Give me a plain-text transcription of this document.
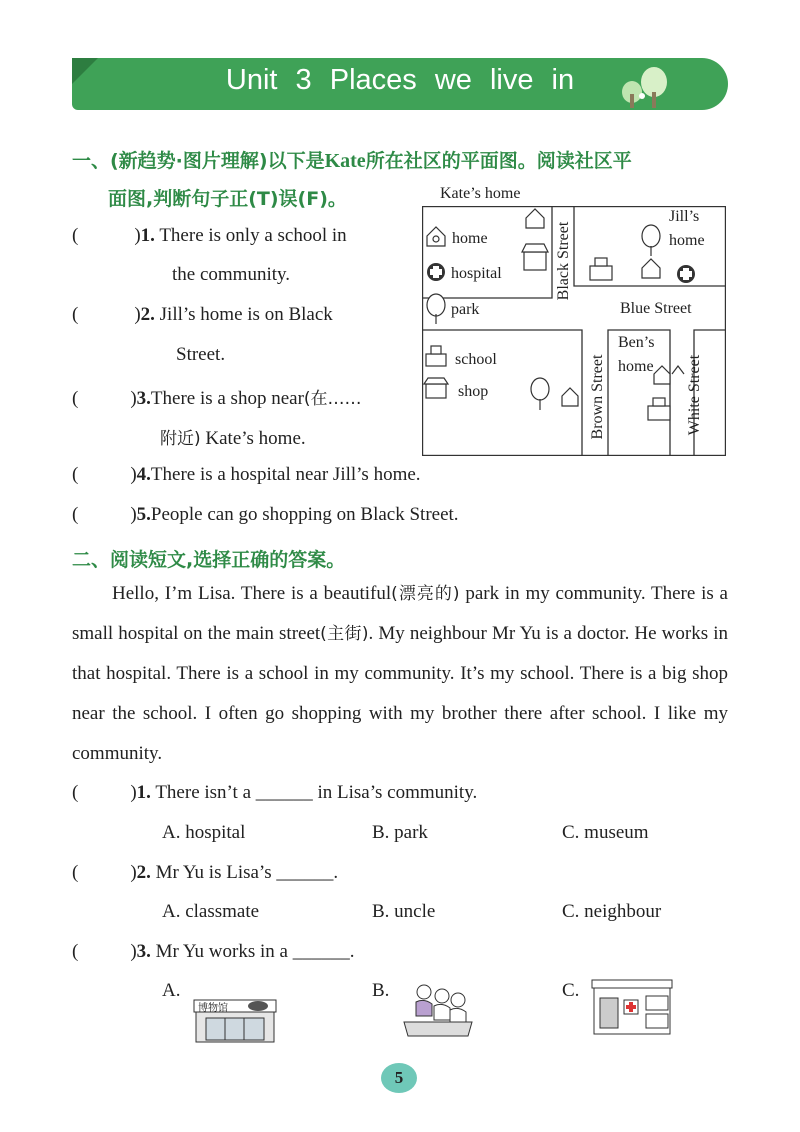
Unit 3 Places we live in
一、(新趋势·图片理解)以下是Kate所在社区的平面图。阅读社区平
面图,判断句子正(T)误(F)。
(	)1. There is only a school in
the community.
(	)2. Jill’s home is on Black
Street.
(	)3.There is a shop near(在……
附近) Kate’s home.
(	)4.There is a hospital near Jill’s home.
(	)5.People can go shopping on Black Street.
Kate’s home
home
hospital
park
school
shop
Blue Street
Jill’s
home
Ben’s
home
Black Street
Brown Street	White Street
二、阅读短文,选择正确的答案。
Hello, I’m Lisa. There is a beautiful(漂亮的) park in my community. There is a small hospital on the main street(主街). My neighbour Mr Yu is a doctor. He works in that hospital. There is a school in my community. It’s my school. There is a big shop near the school. I often go shopping with my brother there after school. I like my community.
(	)1. There isn’t a ______ in Lisa’s community.
A. hospital	B. park	C. museum
(	)2. Mr Yu is Lisa’s ______.
A. classmate	B. uncle	C. neighbour
(	)3. Mr Yu works in a ______.
A.	B.	C.
博物馆
5
